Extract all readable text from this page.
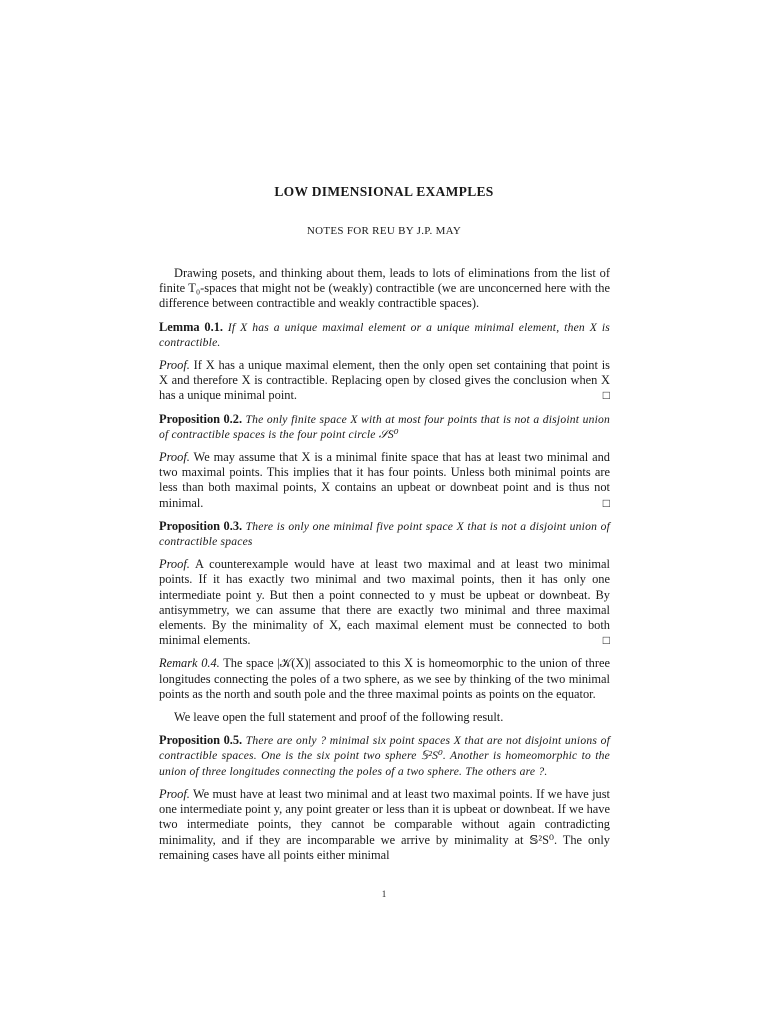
LOW DIMENSIONAL EXAMPLES
NOTES FOR REU BY J.P. MAY

Drawing posets, and thinking about them, leads to lots of eliminations from the list of finite T₀-spaces that might not be (weakly) contractible (we are unconcerned here with the difference between contractible and weakly contractible spaces).

Lemma 0.1. If X has a unique maximal element or a unique minimal element, then X is contractible.

Proof. If X has a unique maximal element, then the only open set containing that point is X and therefore X is contractible. Replacing open by closed gives the conclusion when X has a unique minimal point.	□

Proposition 0.2. The only finite space X with at most four points that is not a disjoint union of contractible spaces is the four point circle 𝒮S⁰

Proof. We may assume that X is a minimal finite space that has at least two minimal and two maximal points. This implies that it has four points. Unless both minimal points are less than both maximal points, X contains an upbeat or downbeat point and is thus not minimal.	□

Proposition 0.3. There is only one minimal five point space X that is not a disjoint union of contractible spaces

Proof. A counterexample would have at least two maximal and at least two minimal points. If it has exactly two minimal and two maximal points, then it has only one intermediate point y. But then a point connected to y must be upbeat or downbeat. By antisymmetry, we can assume that there are exactly two minimal and three maximal elements. By the minimality of X, each maximal element must be connected to both minimal elements.	□

Remark 0.4. The space |𝒦(X)| associated to this X is homeomorphic to the union of three longitudes connecting the poles of a two sphere, as we see by thinking of the two minimal points as the north and south pole and the three maximal points as points on the equator.

We leave open the full statement and proof of the following result.

Proposition 0.5. There are only ? minimal six point spaces X that are not disjoint unions of contractible spaces. One is the six point two sphere 𝕊²S⁰. Another is homeomorphic to the union of three longitudes connecting the poles of a two sphere. The others are ?.

Proof. We must have at least two minimal and at least two maximal points. If we have just one intermediate point y, any point greater or less than it is upbeat or downbeat. If we have two intermediate points, they cannot be comparable without again contradicting minimality, and if they are incomparable we arrive by minimality at 𝕊²S⁰. The only remaining cases have all points either minimal

1
